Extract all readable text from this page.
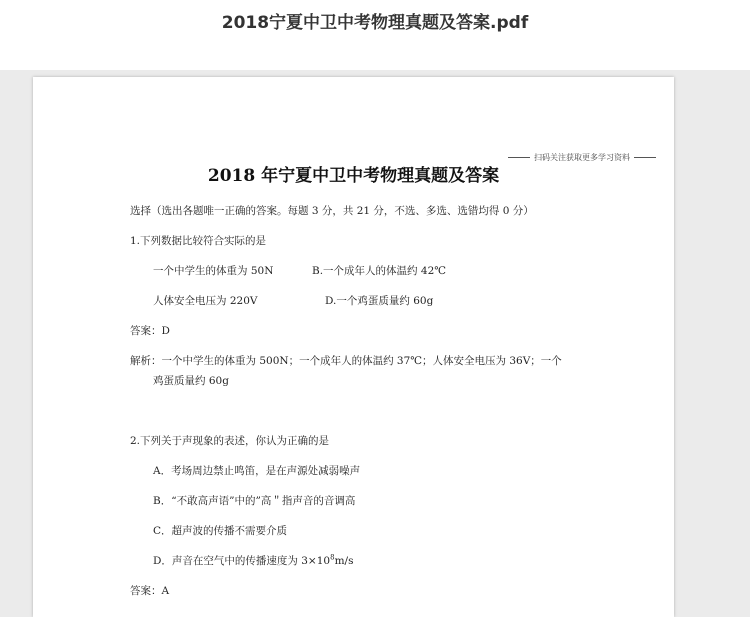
2018宁夏中卫中考物理真题及答案.pdf
扫码关注获取更多学习资料
2018 年宁夏中卫中考物理真题及答案
选择（选出各题唯一正确的答案。每题 3 分，共 21 分，不选、多选、选错均得 0 分）
1.下列数据比较符合实际的是
一个中学生的体重为 50N	B.一个成年人的体温约 42℃
人体安全电压为 220V	D.一个鸡蛋质量约 60g
答案：D
解析：一个中学生的体重为 500N；一个成年人的体温约 37℃；人体安全电压为 36V；一个
鸡蛋质量约 60g
2.下列关于声现象的表述，你认为正确的是
A．考场周边禁止鸣笛，是在声源处减弱噪声
B．“不敢高声语”中的”高＂指声音的音调高
C．超声波的传播不需要介质
D．声音在空气中的传播速度为 $3\times 10^8m/s$
答案：A
